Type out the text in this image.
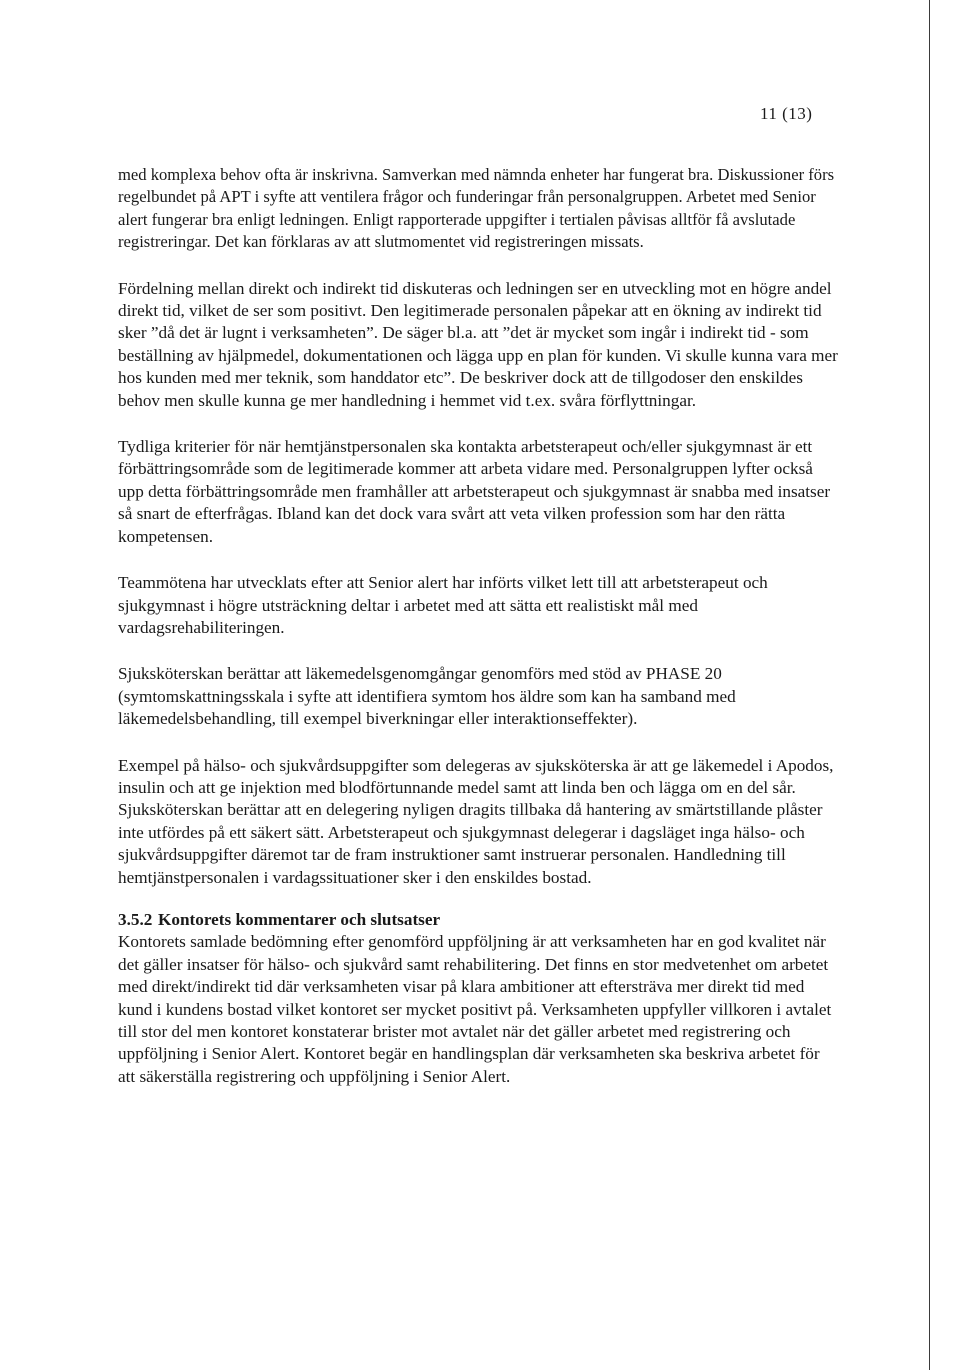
11 (13)

med komplexa behov ofta är inskrivna. Samverkan med nämnda enheter har fungerat bra. Diskussioner förs regelbundet på APT i syfte att ventilera frågor och funderingar från personalgruppen. Arbetet med Senior alert fungerar bra enligt ledningen. Enligt rapporterade uppgifter i tertialen påvisas alltför få avslutade registreringar. Det kan förklaras av att slutmomentet vid registreringen missats.

Fördelning mellan direkt och indirekt tid diskuteras och ledningen ser en utveckling mot en högre andel direkt tid, vilket de ser som positivt. Den legitimerade personalen påpekar att en ökning av indirekt tid sker ”då det är lugnt i verksamheten”. De säger bl.a. att ”det är mycket som ingår i indirekt tid - som beställning av hjälpmedel, dokumentationen och lägga upp en plan för kunden. Vi skulle kunna vara mer hos kunden med mer teknik, som handdator etc”. De beskriver dock att de tillgodoser den enskildes behov men skulle kunna ge mer handledning i hemmet vid t.ex. svåra förflyttningar.

Tydliga kriterier för när hemtjänstpersonalen ska kontakta arbetsterapeut och/eller sjukgymnast är ett förbättringsområde som de legitimerade kommer att arbeta vidare med. Personalgruppen lyfter också upp detta förbättringsområde men framhåller att arbetsterapeut och sjukgymnast är snabba med insatser så snart de efterfrågas. Ibland kan det dock vara svårt att veta vilken profession som har den rätta kompetensen.

Teammötena har utvecklats efter att Senior alert har införts vilket lett till att arbetsterapeut och sjukgymnast i högre utsträckning deltar i arbetet med att sätta ett realistiskt mål med vardagsrehabiliteringen.

Sjuksköterskan berättar att läkemedelsgenomgångar genomförs med stöd av PHASE 20 (symtomskattningsskala i syfte att identifiera symtom hos äldre som kan ha samband med läkemedelsbehandling, till exempel biverkningar eller interaktionseffekter).

Exempel på hälso- och sjukvårdsuppgifter som delegeras av sjuksköterska är att ge läkemedel i Apodos, insulin och att ge injektion med blodförtunnande medel samt att linda ben och lägga om en del sår. Sjuksköterskan berättar att en delegering nyligen dragits tillbaka då hantering av smärtstillande plåster inte utfördes på ett säkert sätt. Arbetsterapeut och sjukgymnast delegerar i dagsläget inga hälso- och sjukvårdsuppgifter däremot tar de fram instruktioner samt instruerar personalen. Handledning till hemtjänstpersonalen i vardagssituationer sker i den enskildes bostad.

3.5.2 Kontorets kommentarer och slutsatser

Kontorets samlade bedömning efter genomförd uppföljning är att verksamheten har en god kvalitet när det gäller insatser för hälso- och sjukvård samt rehabilitering. Det finns en stor medvetenhet om arbetet med direkt/indirekt tid där verksamheten visar på klara ambitioner att eftersträva mer direkt tid med kund i kundens bostad vilket kontoret ser mycket positivt på. Verksamheten uppfyller villkoren i avtalet till stor del men kontoret konstaterar brister mot avtalet när det gäller arbetet med registrering och uppföljning i Senior Alert. Kontoret begär en handlingsplan där verksamheten ska beskriva arbetet för att säkerställa registrering och uppföljning i Senior Alert.
